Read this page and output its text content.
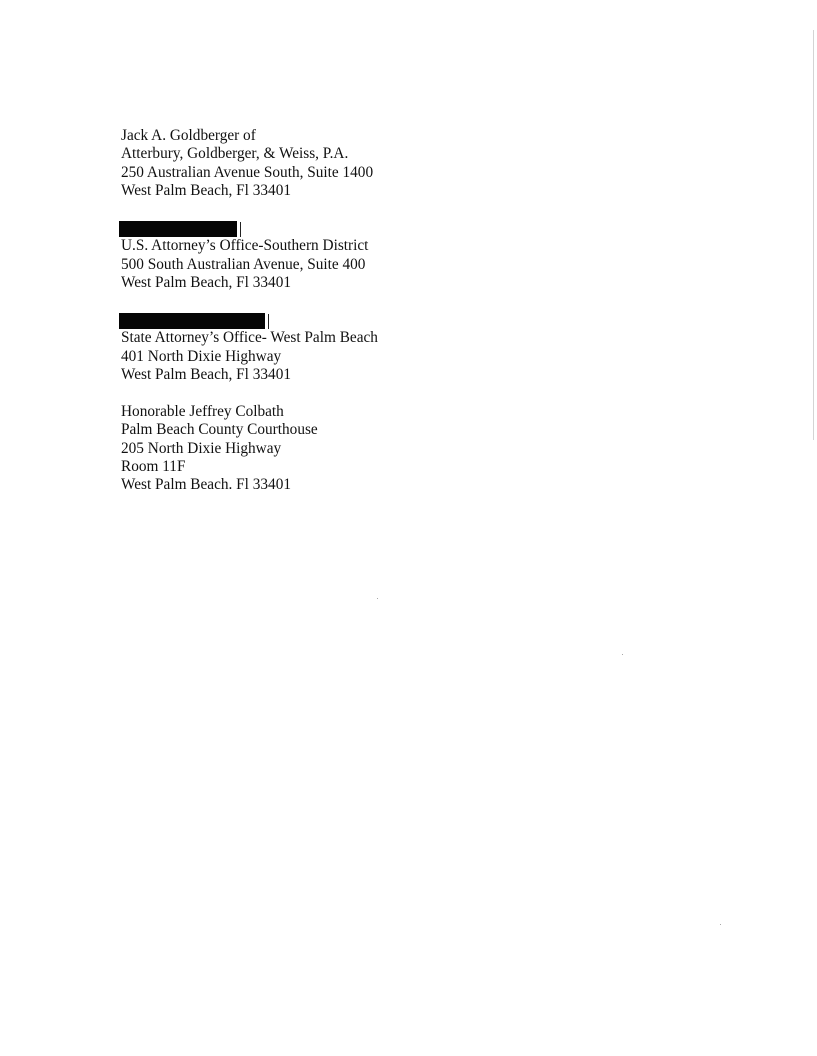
Jack A. Goldberger of
Atterbury, Goldberger, & Weiss, P.A.
250 Australian Avenue South, Suite 1400
West Palm Beach, Fl 33401
U.S. Attorney’s Office-Southern District
500 South Australian Avenue, Suite 400
West Palm Beach, Fl 33401
State Attorney’s Office- West Palm Beach
401 North Dixie Highway
West Palm Beach, Fl 33401
Honorable Jeffrey Colbath
Palm Beach County Courthouse
205 North Dixie Highway
Room 11F
West Palm Beach. Fl 33401
